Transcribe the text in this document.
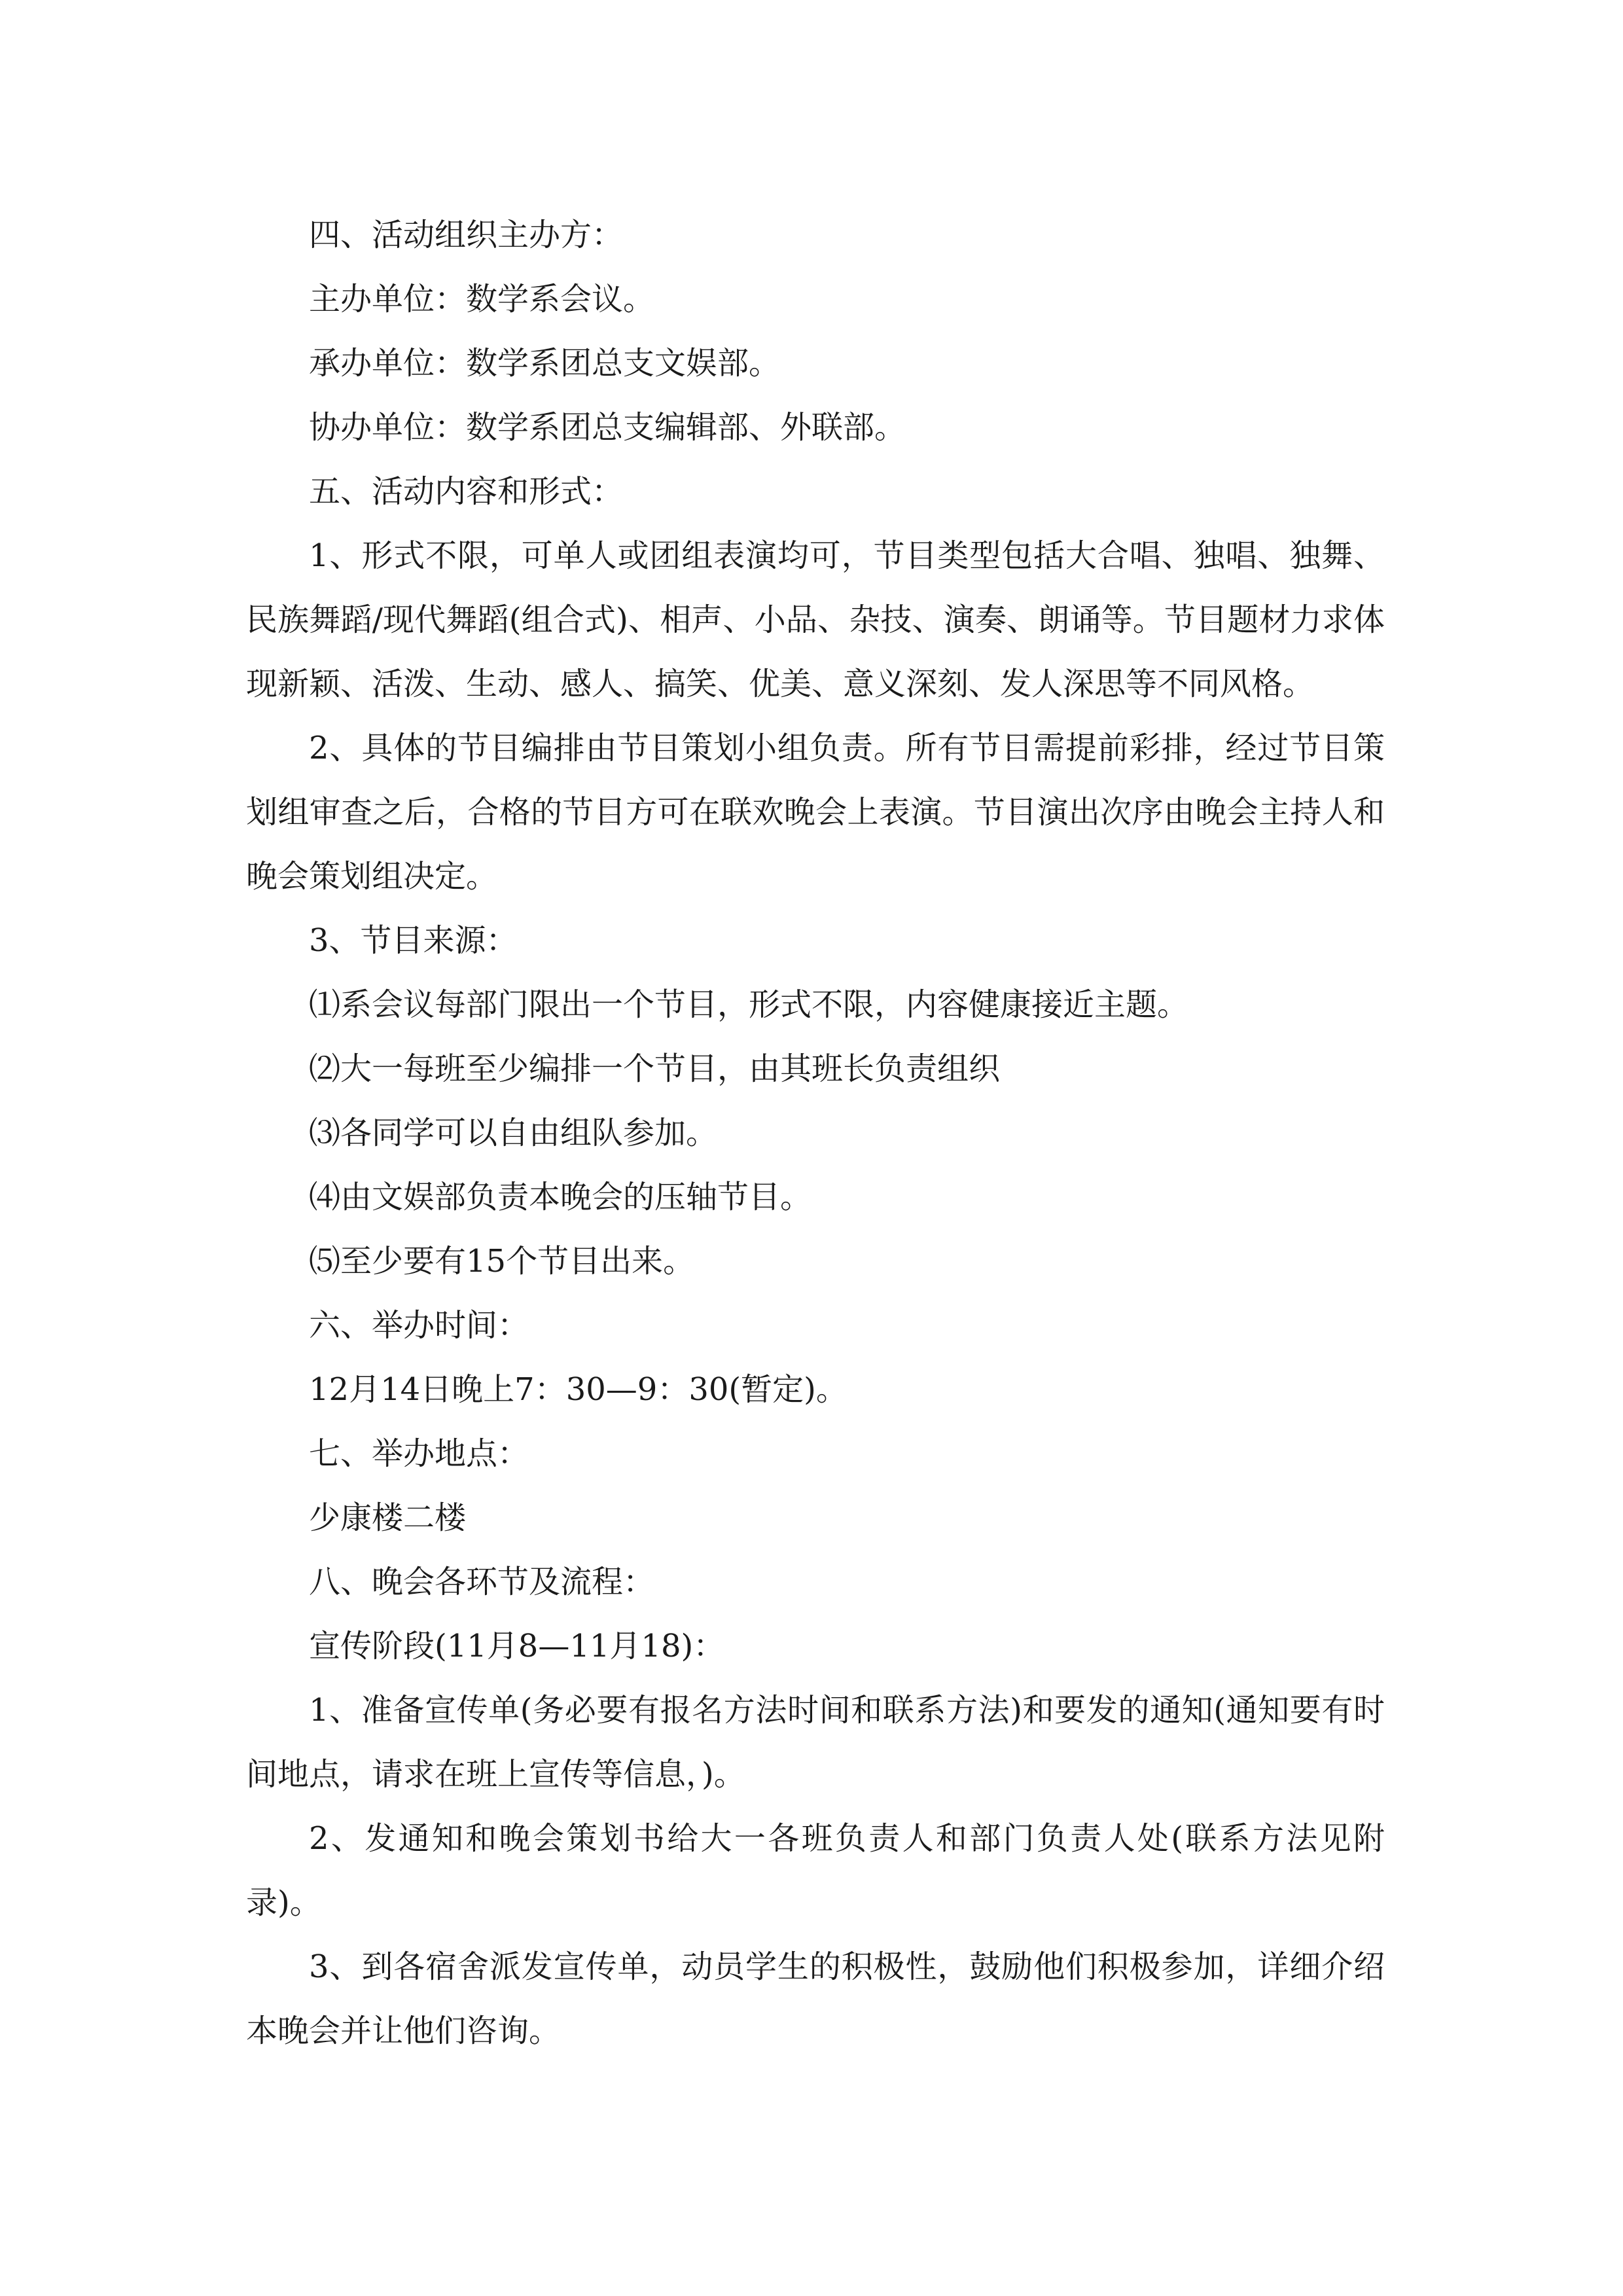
四、活动组织主办方：

主办单位：数学系会议。

承办单位：数学系团总支文娱部。

协办单位：数学系团总支编辑部、外联部。

五、活动内容和形式：

1、形式不限，可单人或团组表演均可，节目类型包括大合唱、独唱、独舞、民族舞蹈/现代舞蹈(组合式)、相声、小品、杂技、演奏、朗诵等。节目题材力求体现新颖、活泼、生动、感人、搞笑、优美、意义深刻、发人深思等不同风格。

2、具体的节目编排由节目策划小组负责。所有节目需提前彩排，经过节目策划组审查之后，合格的节目方可在联欢晚会上表演。节目演出次序由晚会主持人和晚会策划组决定。

3、节目来源：

⑴系会议每部门限出一个节目，形式不限，内容健康接近主题。

⑵大一每班至少编排一个节目，由其班长负责组织

⑶各同学可以自由组队参加。

⑷由文娱部负责本晚会的压轴节目。

⑸至少要有15个节目出来。

六、举办时间：

12月14日晚上7：30—9：30(暂定)。

七、举办地点：

少康楼二楼

八、晚会各环节及流程：

宣传阶段(11月8—11月18)：

1、准备宣传单(务必要有报名方法时间和联系方法)和要发的通知(通知要有时间地点，请求在班上宣传等信息，)。

2、发通知和晚会策划书给大一各班负责人和部门负责人处(联系方法见附录)。

3、到各宿舍派发宣传单，动员学生的积极性，鼓励他们积极参加，详细介绍本晚会并让他们咨询。
